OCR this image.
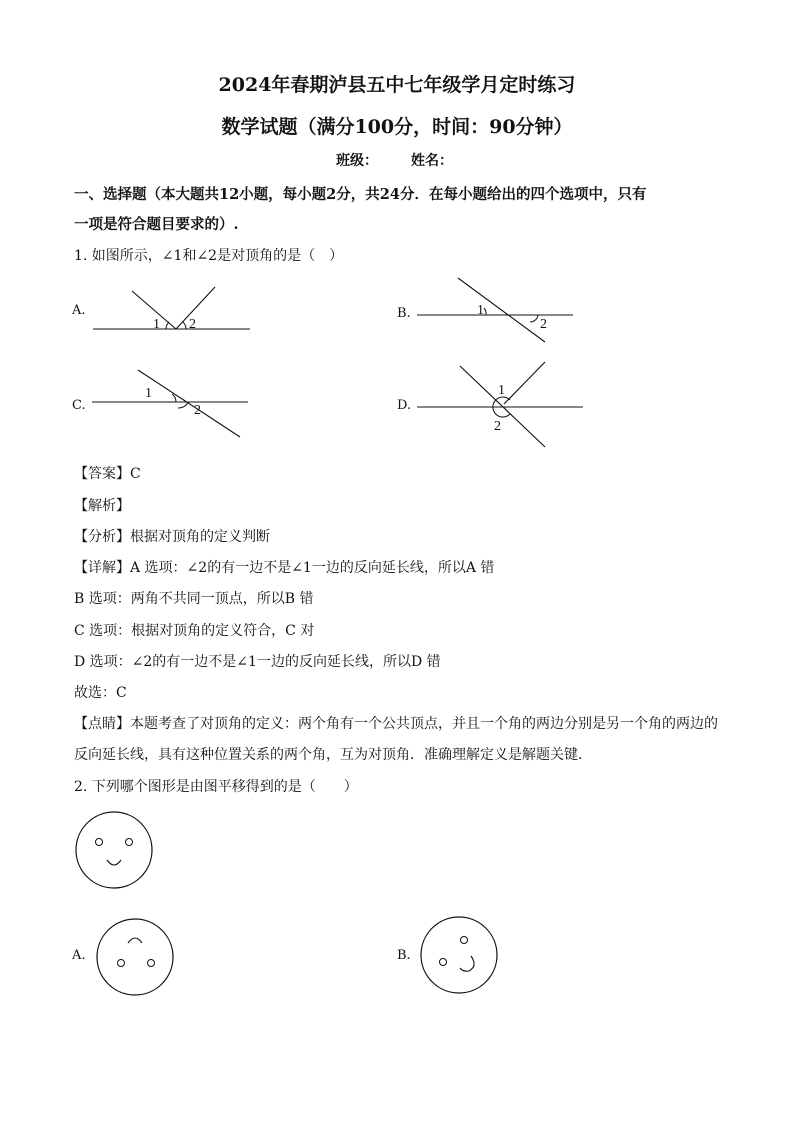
2024年春期泸县五中七年级学月定时练习
数学试题（满分100分，时间：90分钟）
班级： 姓名：
一、选择题（本大题共12小题，每小题2分，共24分．在每小题给出的四个选项中，只有
一项是符合题目要求的）.
1. 如图所示，∠1和∠2是对顶角的是（　）
A.
1 2
1
2
1
2
1
2
B.
C.	D.
【答案】C
【解析】
【分析】根据对顶角的定义判断
【详解】A 选项：∠2的有一边不是∠1一边的反向延长线，所以A 错
B 选项：两角不共同一顶点，所以B 错
C 选项：根据对顶角的定义符合，C 对
D 选项：∠2的有一边不是∠1一边的反向延长线，所以D 错
故选：C
【点睛】本题考查了对顶角的定义：两个角有一个公共顶点，并且一个角的两边分别是另一个角的两边的
反向延长线，具有这种位置关系的两个角，互为对顶角．准确理解定义是解题关键．
2. 下列哪个图形是由图平移得到的是（　　）
A.	B.
